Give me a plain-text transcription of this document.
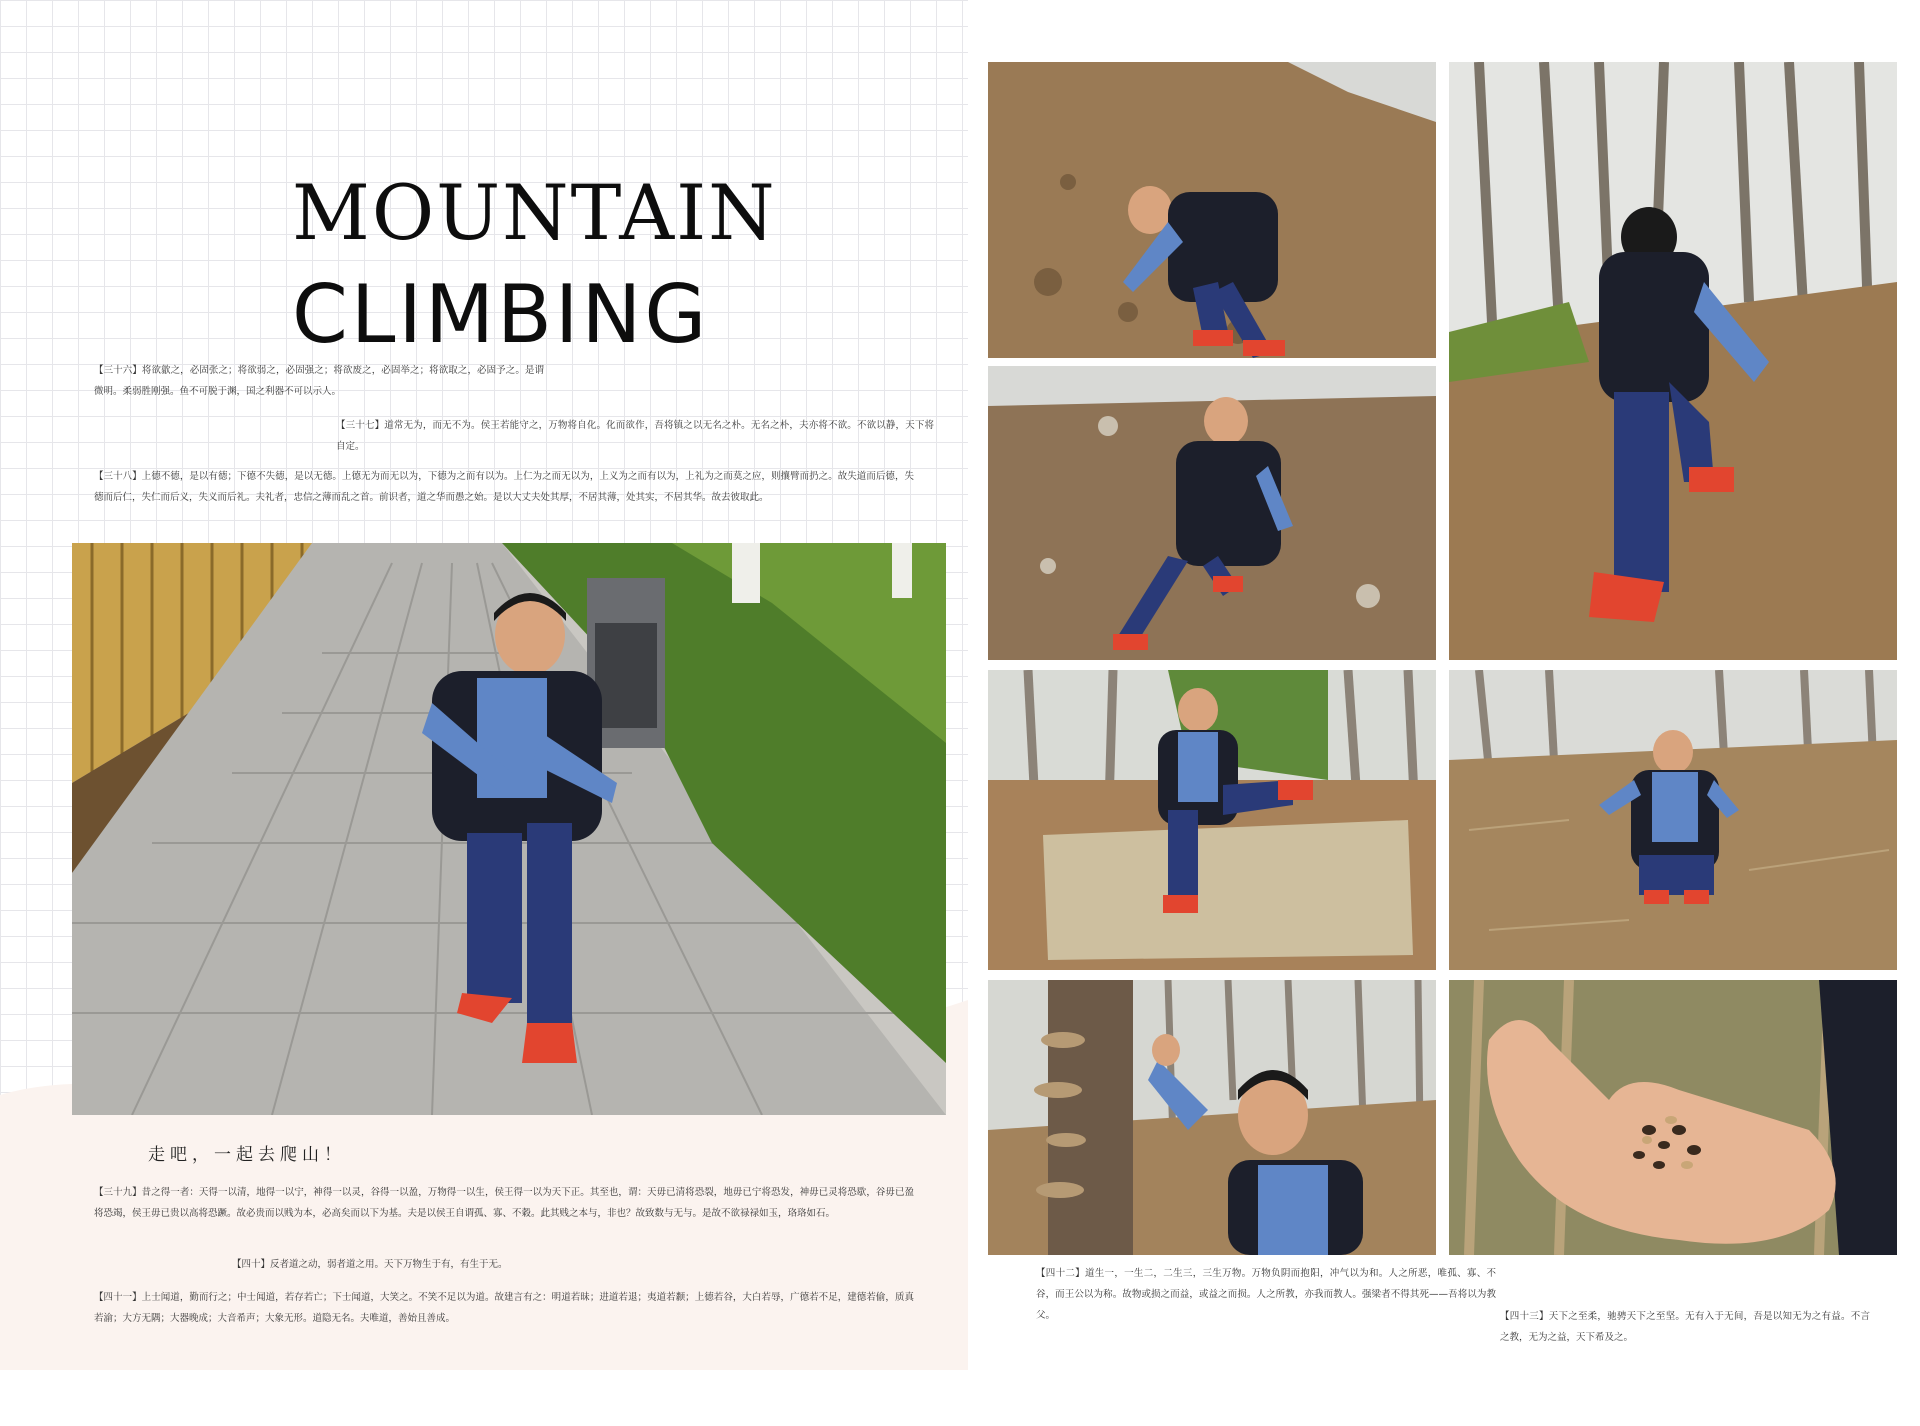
MOUNTAIN
CLIMBING
【三十六】将欲歙之，必固张之；将欲弱之，必固强之；将欲废之，必固举之；将欲取之，必固予之。是谓微明。柔弱胜刚强。鱼不可脱于渊，国之利器不可以示人。
【三十七】道常无为，而无不为。侯王若能守之，万物将自化。化而欲作，吾将镇之以无名之朴。无名之朴，夫亦将不欲。不欲以静，天下将自定。
【三十八】上德不德，是以有德；下德不失德，是以无德。上德无为而无以为，下德为之而有以为。上仁为之而无以为，上义为之而有以为，上礼为之而莫之应，则攘臂而扔之。故失道而后德，失德而后仁，失仁而后义，失义而后礼。夫礼者，忠信之薄而乱之首。前识者，道之华而愚之始。是以大丈夫处其厚，不居其薄，处其实，不居其华。故去彼取此。
走吧，一起去爬山！
【三十九】昔之得一者：天得一以清，地得一以宁，神得一以灵，谷得一以盈，万物得一以生，侯王得一以为天下正。其至也，谓：天毋已清将恐裂，地毋已宁将恐发，神毋已灵将恐歇，谷毋已盈将恐竭，侯王毋已贵以高将恐蹶。故必贵而以贱为本，必高矣而以下为基。夫是以侯王自谓孤、寡、不穀。此其贱之本与，非也？故致数与无与。是故不欲禄禄如玉，珞珞如石。
【四十】反者道之动，弱者道之用。天下万物生于有，有生于无。
【四十一】上士闻道，勤而行之；中士闻道，若存若亡；下士闻道，大笑之。不笑不足以为道。故建言有之：明道若昧；进道若退；夷道若颣；上德若谷，大白若辱，广德若不足，建德若偷，质真若渝；大方无隅；大器晚成；大音希声；大象无形。道隐无名。夫唯道，善始且善成。
【四十二】道生一，一生二，二生三，三生万物。万物负阴而抱阳，冲气以为和。人之所恶，唯孤、寡、不谷，而王公以为称。故物或损之而益，或益之而损。人之所教，亦我而教人。强梁者不得其死——吾将以为教父。	【四十三】天下之至柔，驰骋天下之至坚。无有入于无间，吾是以知无为之有益。不言之教，无为之益，天下希及之。
